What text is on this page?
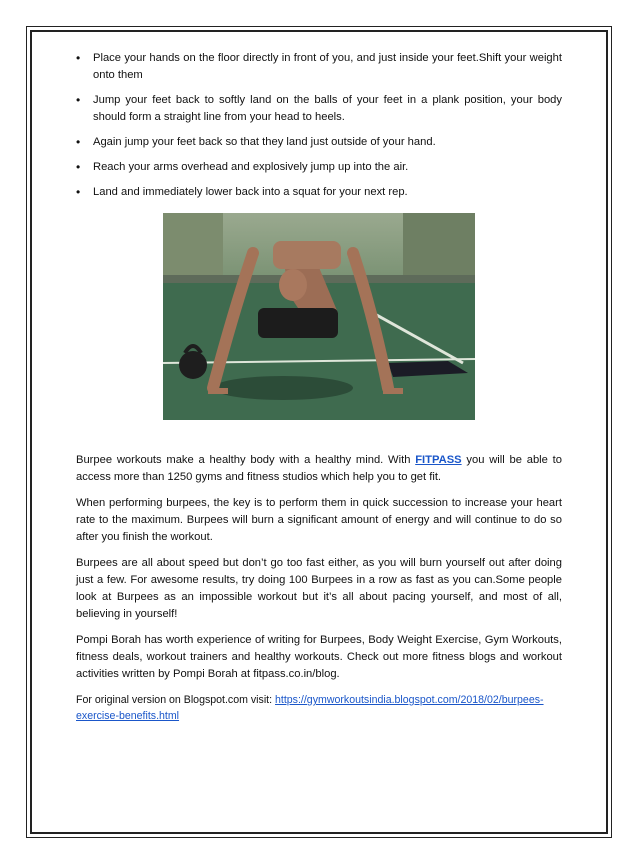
• Place your hands on the floor directly in front of you, and just inside your feet.Shift your weight onto them
• Jump your feet back to softly land on the balls of your feet in a plank position, your body should form a straight line from your head to heels.
• Again jump your feet back so that they land just outside of your hand.
• Reach your arms overhead and explosively jump up into the air.
• Land and immediately lower back into a squat for your next rep.

Burpee workouts make a healthy body with a healthy mind. With FITPASS you will be able to access more than 1250 gyms and fitness studios which help you to get fit.

When performing burpees, the key is to perform them in quick succession to increase your heart rate to the maximum. Burpees will burn a significant amount of energy and will continue to do so after you finish the workout.

Burpees are all about speed but don’t go too fast either, as you will burn yourself out after doing just a few. For awesome results, try doing 100 Burpees in a row as fast as you can.Some people look at Burpees as an impossible workout but it’s all about pacing yourself, and most of all, believing in yourself!

Pompi Borah has worth experience of writing for Burpees, Body Weight Exercise, Gym Workouts, fitness deals, workout trainers and healthy workouts. Check out more fitness blogs and workout activities written by Pompi Borah at fitpass.co.in/blog.

For original version on Blogspot.com visit: https://gymworkoutsindia.blogspot.com/2018/02/burpees-exercise-benefits.html
